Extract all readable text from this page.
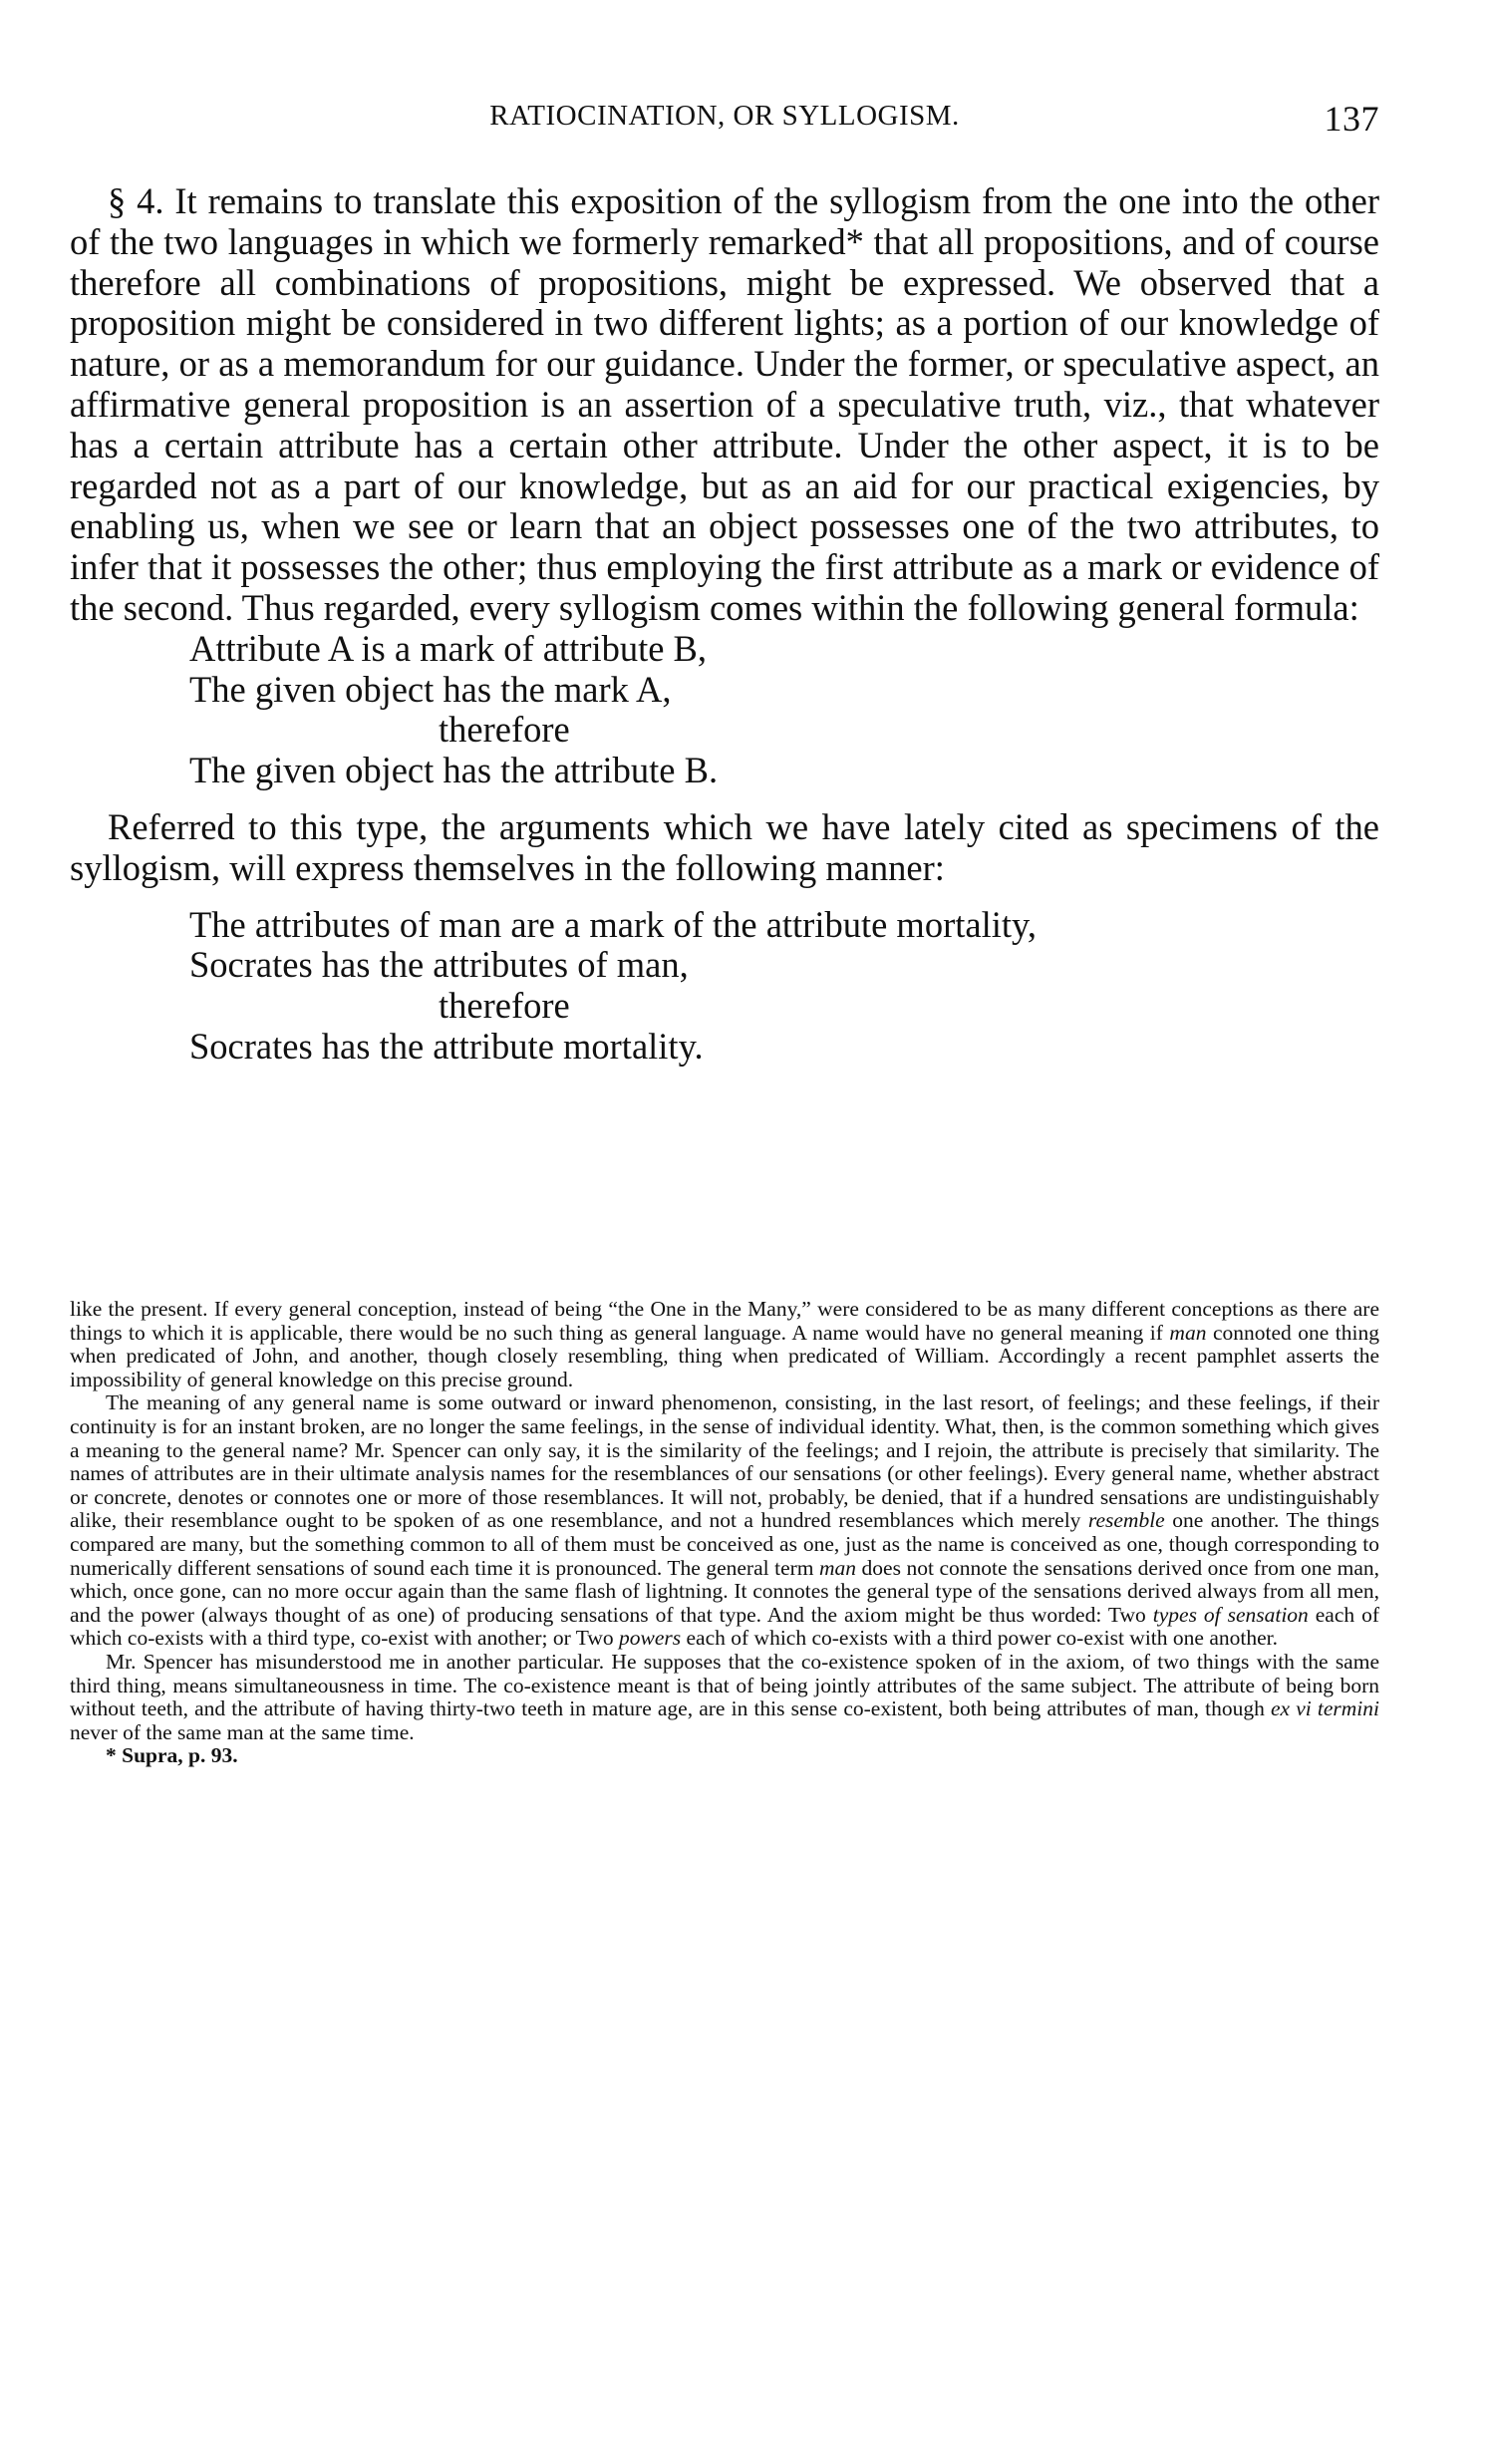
RATIOCINATION, OR SYLLOGISM.	137

§ 4. It remains to translate this exposition of the syllogism from the one into the other of the two languages in which we formerly remarked* that all propositions, and of course therefore all combinations of propositions, might be expressed. We observed that a proposition might be considered in two different lights; as a portion of our knowledge of nature, or as a memorandum for our guidance. Under the former, or speculative aspect, an affirmative general proposition is an assertion of a speculative truth, viz., that whatever has a certain attribute has a certain other attribute. Under the other aspect, it is to be regarded not as a part of our knowledge, but as an aid for our practical exigencies, by enabling us, when we see or learn that an object possesses one of the two attributes, to infer that it possesses the other; thus employing the first attribute as a mark or evidence of the second. Thus regarded, every syllogism comes within the following general formula:

Attribute A is a mark of attribute B,
The given object has the mark A,
therefore
The given object has the attribute B.

Referred to this type, the arguments which we have lately cited as specimens of the syllogism, will express themselves in the following manner:

The attributes of man are a mark of the attribute mortality,
Socrates has the attributes of man,
therefore
Socrates has the attribute mortality.

like the present. If every general conception, instead of being “the One in the Many,” were considered to be as many different conceptions as there are things to which it is applicable, there would be no such thing as general language. A name would have no general meaning if man connoted one thing when predicated of John, and another, though closely resembling, thing when predicated of William. Accordingly a recent pamphlet asserts the impossibility of general knowledge on this precise ground.

The meaning of any general name is some outward or inward phenomenon, consisting, in the last resort, of feelings; and these feelings, if their continuity is for an instant broken, are no longer the same feelings, in the sense of individual identity. What, then, is the common something which gives a meaning to the general name? Mr. Spencer can only say, it is the similarity of the feelings; and I rejoin, the attribute is precisely that similarity. The names of attributes are in their ultimate analysis names for the resemblances of our sensations (or other feelings). Every general name, whether abstract or concrete, denotes or connotes one or more of those resemblances. It will not, probably, be denied, that if a hundred sensations are undistinguishably alike, their resemblance ought to be spoken of as one resemblance, and not a hundred resemblances which merely resemble one another. The things compared are many, but the something common to all of them must be conceived as one, just as the name is conceived as one, though corresponding to numerically different sensations of sound each time it is pronounced. The general term man does not connote the sensations derived once from one man, which, once gone, can no more occur again than the same flash of lightning. It connotes the general type of the sensations derived always from all men, and the power (always thought of as one) of producing sensations of that type. And the axiom might be thus worded: Two types of sensation each of which co-exists with a third type, co-exist with another; or Two powers each of which co-exists with a third power co-exist with one another.

Mr. Spencer has misunderstood me in another particular. He supposes that the co-existence spoken of in the axiom, of two things with the same third thing, means simultaneousness in time. The co-existence meant is that of being jointly attributes of the same subject. The attribute of being born without teeth, and the attribute of having thirty-two teeth in mature age, are in this sense co-existent, both being attributes of man, though ex vi termini never of the same man at the same time.

* Supra, p. 93.
